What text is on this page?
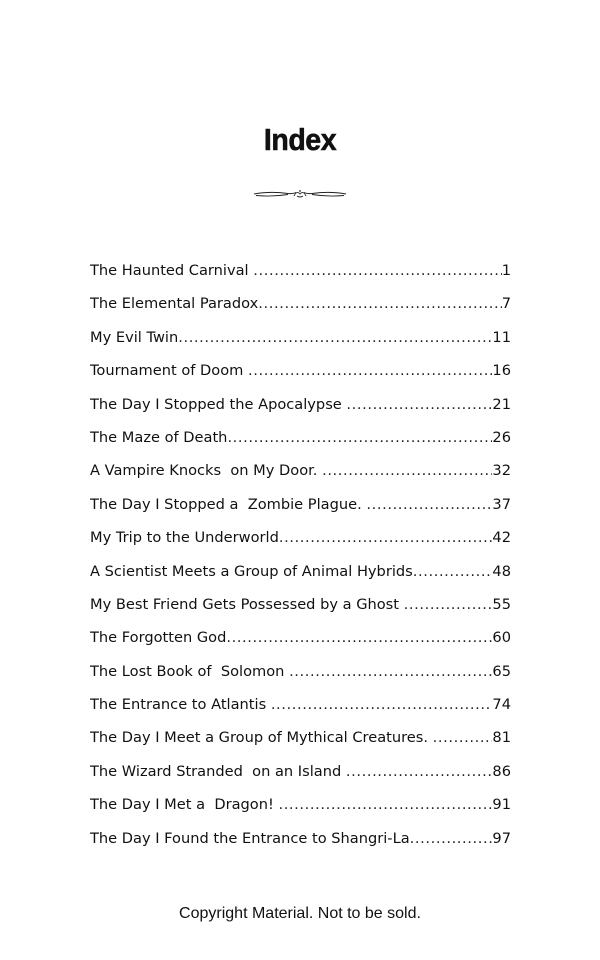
Index
The Haunted Carnival .....	1
The Elemental Paradox .....	7
My Evil Twin .....	11
Tournament of Doom .....	16
The Day I Stopped the Apocalypse .....	21
The Maze of Death .....	26
A Vampire Knocks  on My Door. .....	32
The Day I Stopped a  Zombie Plague. .....	37
My Trip to the Underworld .....	42
A Scientist Meets a Group of Animal Hybrids .....	48
My Best Friend Gets Possessed by a Ghost .....	55
The Forgotten God .....	60
The Lost Book of  Solomon .....	65
The Entrance to Atlantis .....	74
The Day I Meet a Group of Mythical Creatures. .....	81
The Wizard Stranded  on an Island .....	86
The Day I Met a  Dragon! .....	91
The Day I Found the Entrance to Shangri-La .....	97

Copyright Material. Not to be sold.
